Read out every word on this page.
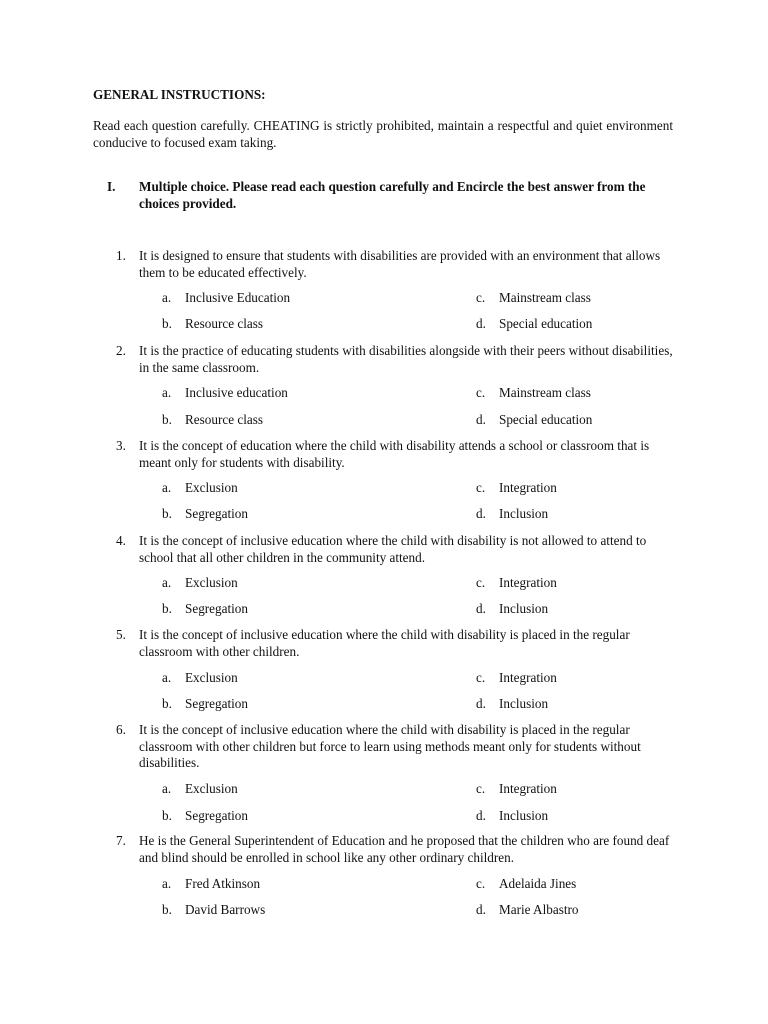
GENERAL INSTRUCTIONS:
Read each question carefully. CHEATING is strictly prohibited, maintain a respectful and quiet environment conducive to focused exam taking.
I. Multiple choice. Please read each question carefully and Encircle the best answer from the choices provided.
1. It is designed to ensure that students with disabilities are provided with an environment that allows them to be educated effectively.
a. Inclusive Education
b. Resource class
c. Mainstream class
d. Special education
2. It is the practice of educating students with disabilities alongside with their peers without disabilities, in the same classroom.
a. Inclusive education
b. Resource class
c. Mainstream class
d. Special education
3. It is the concept of education where the child with disability attends a school or classroom that is meant only for students with disability.
a. Exclusion
b. Segregation
c. Integration
d. Inclusion
4. It is the concept of inclusive education where the child with disability is not allowed to attend to school that all other children in the community attend.
a. Exclusion
b. Segregation
c. Integration
d. Inclusion
5. It is the concept of inclusive education where the child with disability is placed in the regular classroom with other children.
a. Exclusion
b. Segregation
c. Integration
d. Inclusion
6. It is the concept of inclusive education where the child with disability is placed in the regular classroom with other children but force to learn using methods meant only for students without disabilities.
a. Exclusion
b. Segregation
c. Integration
d. Inclusion
7. He is the General Superintendent of Education and he proposed that the children who are found deaf and blind should be enrolled in school like any other ordinary children.
a. Fred Atkinson
b. David Barrows
c. Adelaida Jines
d. Marie Albastro
